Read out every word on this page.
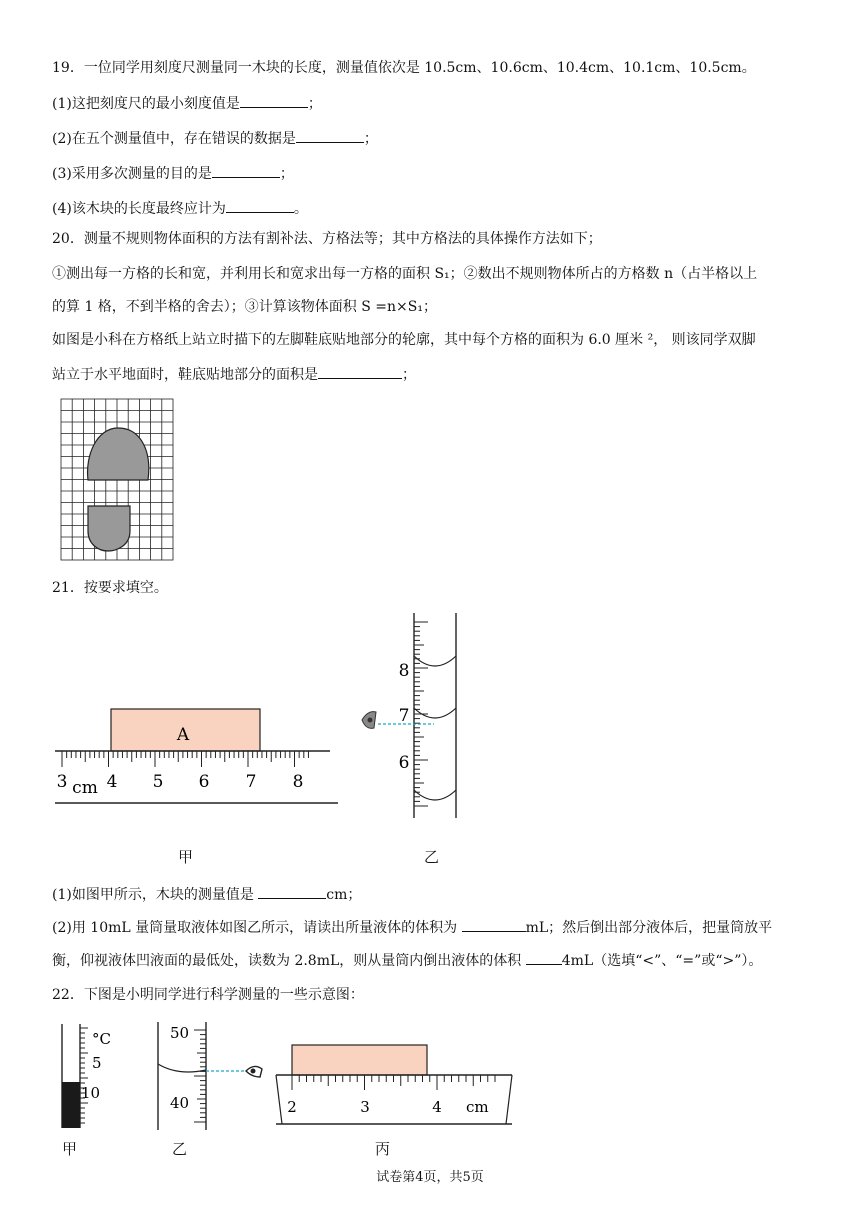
19．一位同学用刻度尺测量同一木块的长度，测量值依次是 10.5cm、10.6cm、10.4cm、10.1cm、10.5cm。
(1)这把刻度尺的最小刻度值是	；
(2)在五个测量值中，存在错误的数据是	；
(3)采用多次测量的目的是	；
(4)该木块的长度最终应计为	。
20．测量不规则物体面积的方法有割补法、方格法等；其中方格法的具体操作方法如下；
①测出每一方格的长和宽，并利用长和宽求出每一方格的面积 S₁；②数出不规则物体所占的方格数 n（占半格以上
的算 1 格，不到半格的舍去）；③计算该物体面积 S =n×S₁；
如图是小科在方格纸上站立时描下的左脚鞋底贴地部分的轮廓，其中每个方格的面积为 6.0 厘米 ²， 则该同学双脚
站立于水平地面时，鞋底贴地部分的面积是	；
21．按要求填空。
A
3 cm 4 5 6 7 8
甲
8
7
6
乙
(1)如图甲所示，木块的测量值是	cm；
(2)用 10mL 量筒量取液体如图乙所示，请读出所量液体的体积为	mL；然后倒出部分液体后，把量筒放平
衡，仰视液体凹液面的最低处，读数为 2.8mL，则从量筒内倒出液体的体积	4mL（选填“<”、“=”或“>”）。
22．下图是小明同学进行科学测量的一些示意图：
°C
5
10
甲
50
40
乙
2	3	4 cm
丙
试卷第4页，共5页
